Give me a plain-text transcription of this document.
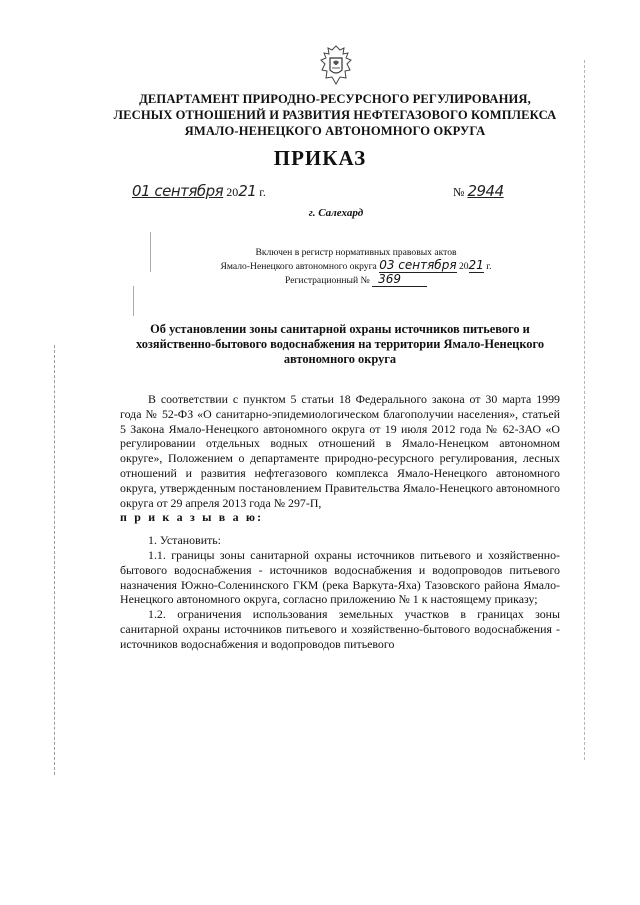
ДЕПАРТАМЕНТ ПРИРОДНО-РЕСУРСНОГО РЕГУЛИРОВАНИЯ,
ЛЕСНЫХ ОТНОШЕНИЙ И РАЗВИТИЯ НЕФТЕГАЗОВОГО КОМПЛЕКСА
ЯМАЛО-НЕНЕЦКОГО АВТОНОМНОГО ОКРУГА
ПРИКАЗ
01 сентября 2021 г.	№ 2944
г. Салехард
Включен в регистр нормативных правовых актов
Ямало-Ненецкого автономного округа 03 сентября 2021 г.
Регистрационный № 369
Об установлении зоны санитарной охраны источников питьевого и хозяйственно-бытового водоснабжения на территории Ямало-Ненецкого автономного округа

В соответствии с пунктом 5 статьи 18 Федерального закона от 30 марта 1999 года № 52-ФЗ «О санитарно-эпидемиологическом благополучии населения», статьей 5 Закона Ямало-Ненецкого автономного округа от 19 июля 2012 года № 62-ЗАО «О регулировании отдельных водных отношений в Ямало-Ненецком автономном округе», Положением о департаменте природно-ресурсного регулирования, лесных отношений и развития нефтегазового комплекса Ямало-Ненецкого автономного округа, утвержденным постановлением Правительства Ямало-Ненецкого автономного округа от 29 апреля 2013 года № 297-П,

п р и к а з ы в а ю:

1. Установить:

1.1. границы зоны санитарной охраны источников питьевого и хозяйственно-бытового водоснабжения - источников водоснабжения и водопроводов питьевого назначения Южно-Соленинского ГКМ (река Варкута-Яха) Тазовского района Ямало-Ненецкого автономного округа, согласно приложению № 1 к настоящему приказу;

1.2. ограничения использования земельных участков в границах зоны санитарной охраны источников питьевого и хозяйственно-бытового водоснабжения - источников водоснабжения и водопроводов питьевого
